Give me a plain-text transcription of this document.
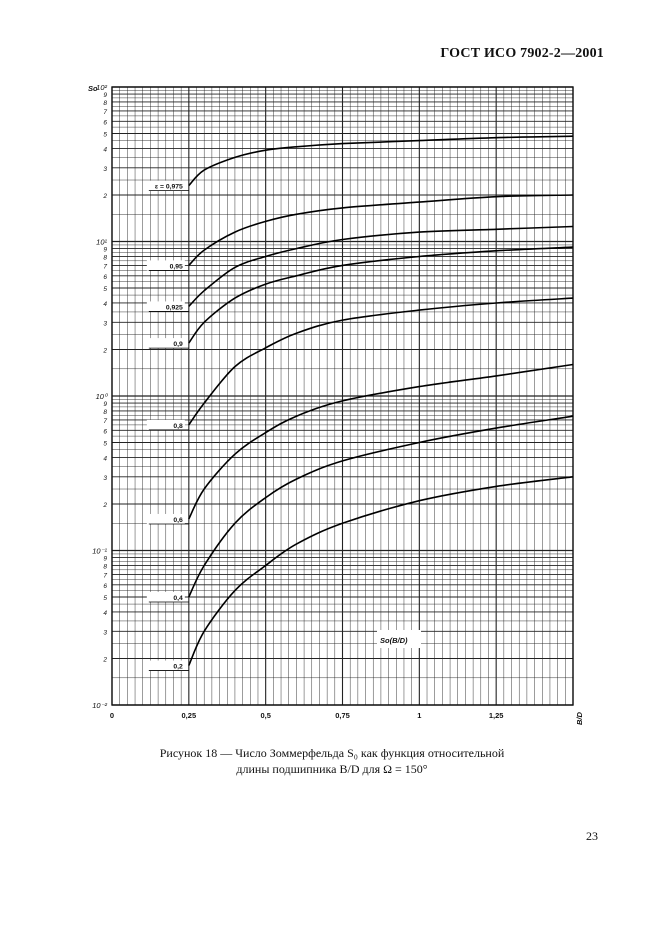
ГОСТ ИСО 7902-2—2001
10²
9
8
7
6
5
4
3
2
10¹
9
8
7
6
5
4
3
2
10⁰
9
8
7
6
5
4
3
2
10⁻¹
9
8
7
6
5
4
3
2
10⁻²
0	0,25	0,5	0,75	1	1,25
ε = 0,975
0,95
0,925
0,9
0,8
0,6
0,4
0,2
So
B/D
So(B/D)
Рисунок 18 — Число Зоммерфельда S₀ как функция относительной
длины подшипника B/D для Ω = 150°
23
